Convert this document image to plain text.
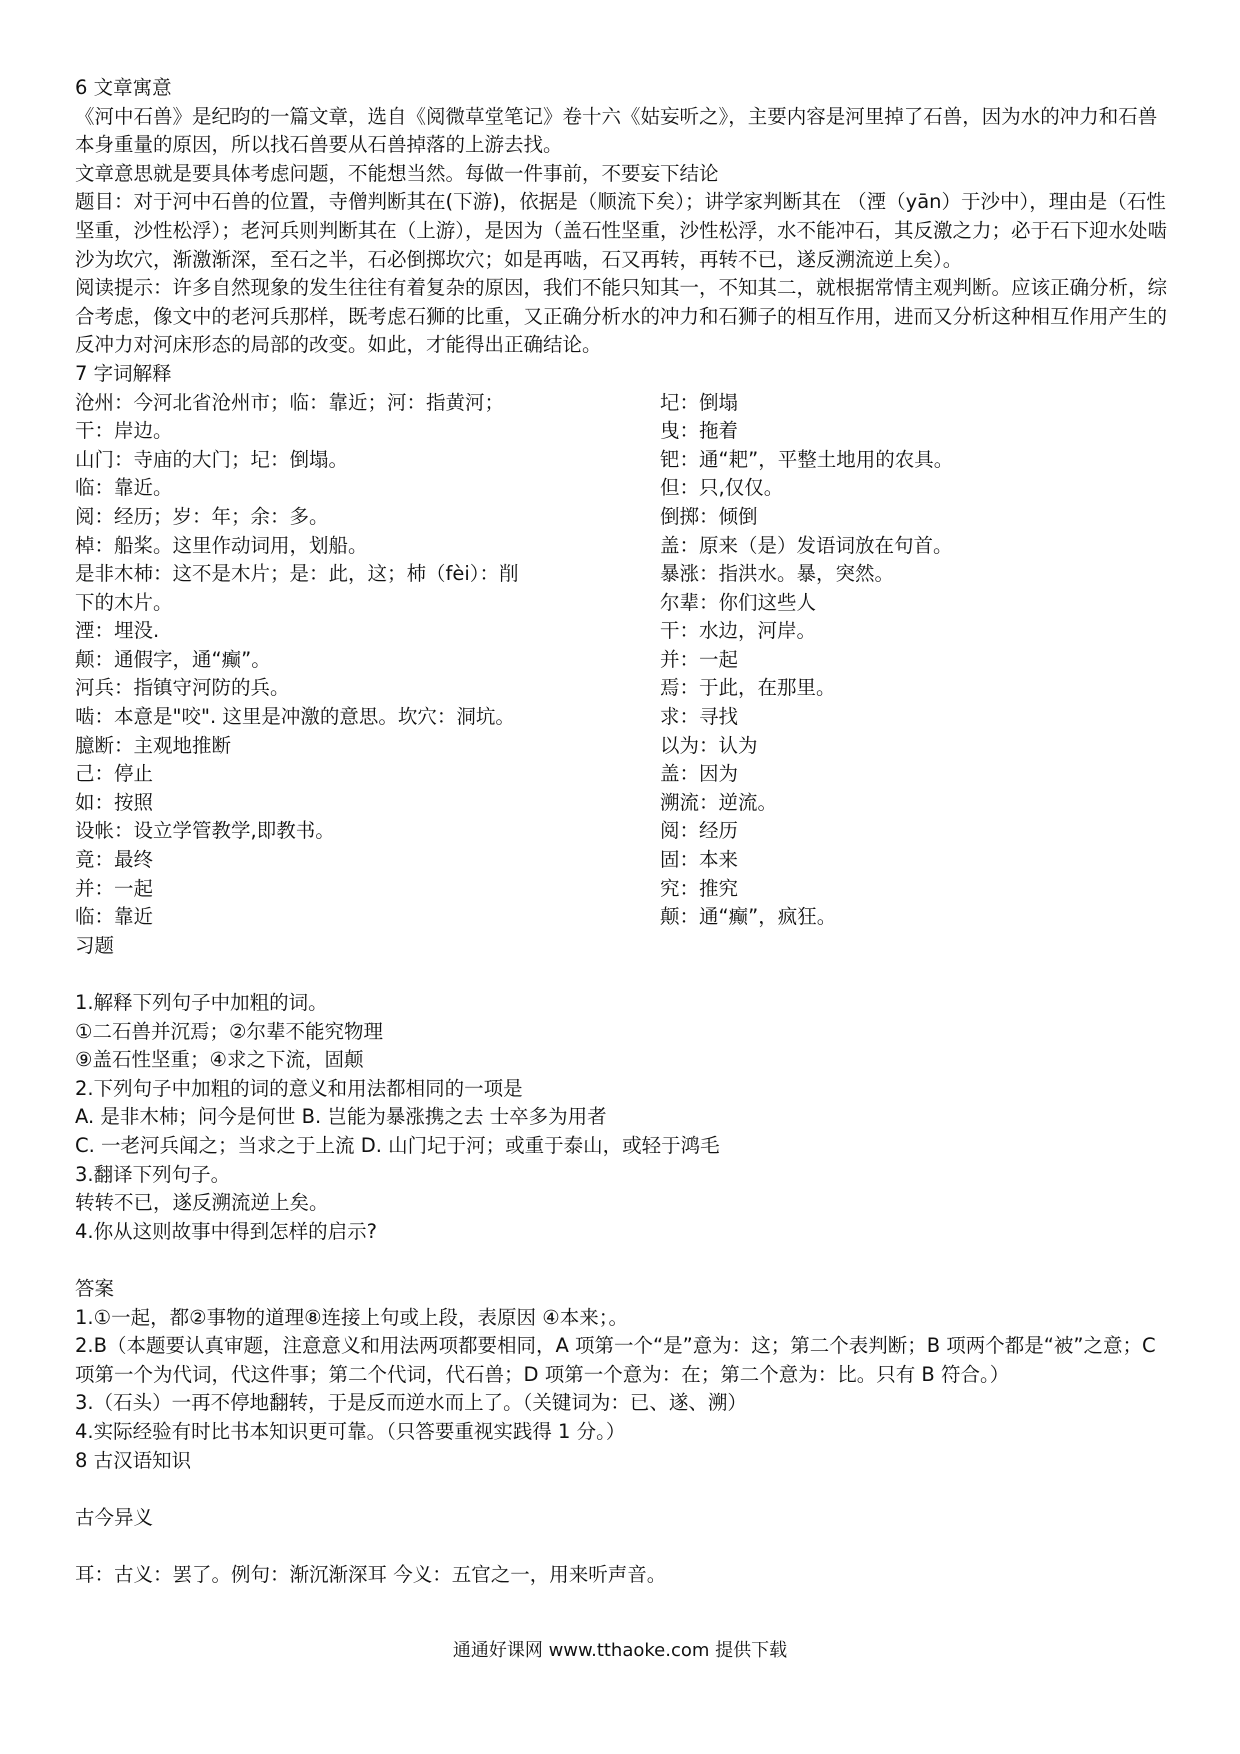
6 文章寓意
《河中石兽》是纪昀的一篇文章，选自《阅微草堂笔记》卷十六《姑妄听之》，主要内容是河里掉了石兽，因为水的冲力和石兽本身重量的原因，所以找石兽要从石兽掉落的上游去找。
文章意思就是要具体考虑问题，不能想当然。每做一件事前，不要妄下结论
题目：对于河中石兽的位置，寺僧判断其在(下游)，依据是（顺流下矣）；讲学家判断其在 （湮（yān）于沙中），理由是（石性坚重，沙性松浮）；老河兵则判断其在（上游），是因为（盖石性坚重，沙性松浮，水不能冲石，其反激之力；必于石下迎水处啮沙为坎穴，渐激渐深，至石之半，石必倒掷坎穴；如是再啮，石又再转，再转不已，遂反溯流逆上矣）。
阅读提示：许多自然现象的发生往往有着复杂的原因，我们不能只知其一，不知其二，就根据常情主观判断。应该正确分析，综合考虑，像文中的老河兵那样，既考虑石狮的比重，又正确分析水的冲力和石狮子的相互作用，进而又分析这种相互作用产生的反冲力对河床形态的局部的改变。如此，才能得出正确结论。
7 字词解释
沧州：今河北省沧州市；临：靠近；河：指黄河；
干：岸边。
山门：寺庙的大门；圮：倒塌。
临：靠近。
阅：经历；岁：年；余：多。
棹：船桨。这里作动词用，划船。
是非木杮：这不是木片；是：此，这；杮（fèi）：削
下的木片。
湮：埋没.
颠：通假字，通“癫”。
河兵：指镇守河防的兵。
啮：本意是"咬". 这里是冲激的意思。坎穴：洞坑。
臆断：主观地推断
己：停止
如：按照
设帐：设立学管教学,即教书。
竟：最终
并：一起
临：靠近
圮：倒塌
曳：拖着
钯：通“耙”，平整土地用的农具。
但：只,仅仅。
倒掷：倾倒
盖：原来（是）发语词放在句首。
暴涨：指洪水。暴，突然。
尔辈：你们这些人
干：水边，河岸。
并：一起
焉：于此，在那里。
求：寻找
以为：认为
盖：因为
溯流：逆流。
阅：经历
固：本来
究：推究
颠：通“癫”，疯狂。
习题
1.解释下列句子中加粗的词。
①二石兽并沉焉；②尔辈不能究物理
⑨盖石性坚重；④求之下流，固颠
2.下列句子中加粗的词的意义和用法都相同的一项是
A. 是非木杮；问今是何世 B. 岂能为暴涨携之去 士卒多为用者
C. 一老河兵闻之；当求之于上流 D. 山门圮于河；或重于泰山，或轻于鸿毛
3.翻译下列句子。
转转不已，遂反溯流逆上矣。
4.你从这则故事中得到怎样的启示?
答案
1.①一起，都②事物的道理⑧连接上句或上段，表原因 ④本来；。
2.B（本题要认真审题，注意意义和用法两项都要相同，A 项第一个“是”意为：这；第二个表判断；B 项两个都是“被”之意；C 项第一个为代词，代这件事；第二个代词，代石兽；D 项第一个意为：在；第二个意为：比。只有 B 符合。）
3.（石头）一再不停地翻转，于是反而逆水而上了。（关键词为：已、遂、溯）
4.实际经验有时比书本知识更可靠。（只答要重视实践得 1 分。）
8 古汉语知识
古今异义
耳：古义：罢了。例句：渐沉渐深耳 今义：五官之一，用来听声音。
通通好课网 www.tthaoke.com 提供下载
